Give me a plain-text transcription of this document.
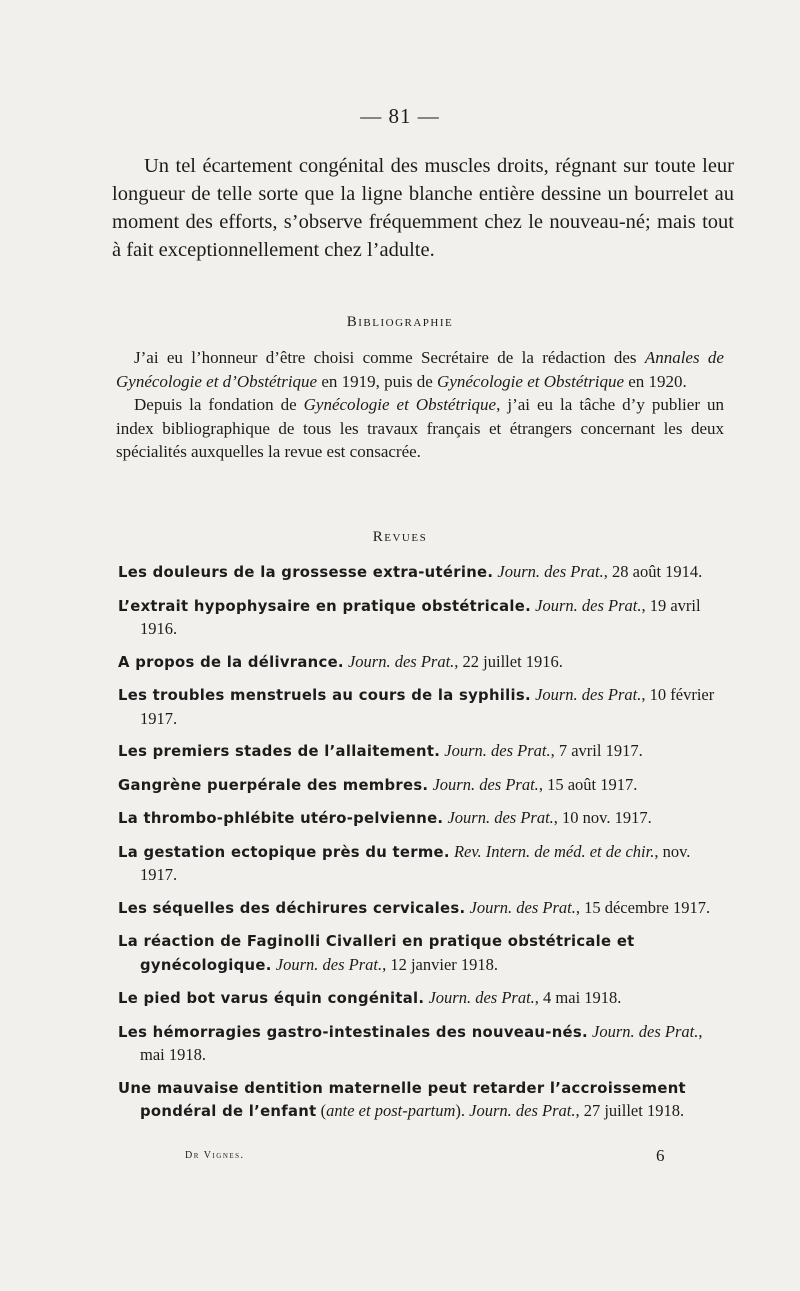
— 81 —

Un tel écartement congénital des muscles droits, régnant sur toute leur longueur de telle sorte que la ligne blanche entière dessine un bourrelet au moment des efforts, s’observe fréquemment chez le nouveau-né; mais tout à fait exceptionnellement chez l’adulte.

Bibliographie

J’ai eu l’honneur d’être choisi comme Secrétaire de la rédaction des Annales de Gynécologie et d’Obstétrique en 1919, puis de Gynécologie et Obstétrique en 1920.

Depuis la fondation de Gynécologie et Obstétrique, j’ai eu la tâche d’y publier un index bibliographique de tous les travaux français et étrangers concernant les deux spécialités auxquelles la revue est consacrée.

Revues
Les douleurs de la grossesse extra-utérine. Journ. des Prat., 28 août 1914.
L’extrait hypophysaire en pratique obstétricale. Journ. des Prat., 19 avril 1916.
A propos de la délivrance. Journ. des Prat., 22 juillet 1916.
Les troubles menstruels au cours de la syphilis. Journ. des Prat., 10 février 1917.
Les premiers stades de l’allaitement. Journ. des Prat., 7 avril 1917.
Gangrène puerpérale des membres. Journ. des Prat., 15 août 1917.
La thrombo-phlébite utéro-pelvienne. Journ. des Prat., 10 nov. 1917.
La gestation ectopique près du terme. Rev. Intern. de méd. et de chir., nov. 1917.
Les séquelles des déchirures cervicales. Journ. des Prat., 15 décembre 1917.
La réaction de Faginolli Civalleri en pratique obstétricale et gynécologique. Journ. des Prat., 12 janvier 1918.
Le pied bot varus équin congénital. Journ. des Prat., 4 mai 1918.
Les hémorragies gastro-intestinales des nouveau-nés. Journ. des Prat., mai 1918.
Une mauvaise dentition maternelle peut retarder l’accroissement pondéral de l’enfant (ante et post-partum). Journ. des Prat., 27 juillet 1918.
Dr Vignes.	6
